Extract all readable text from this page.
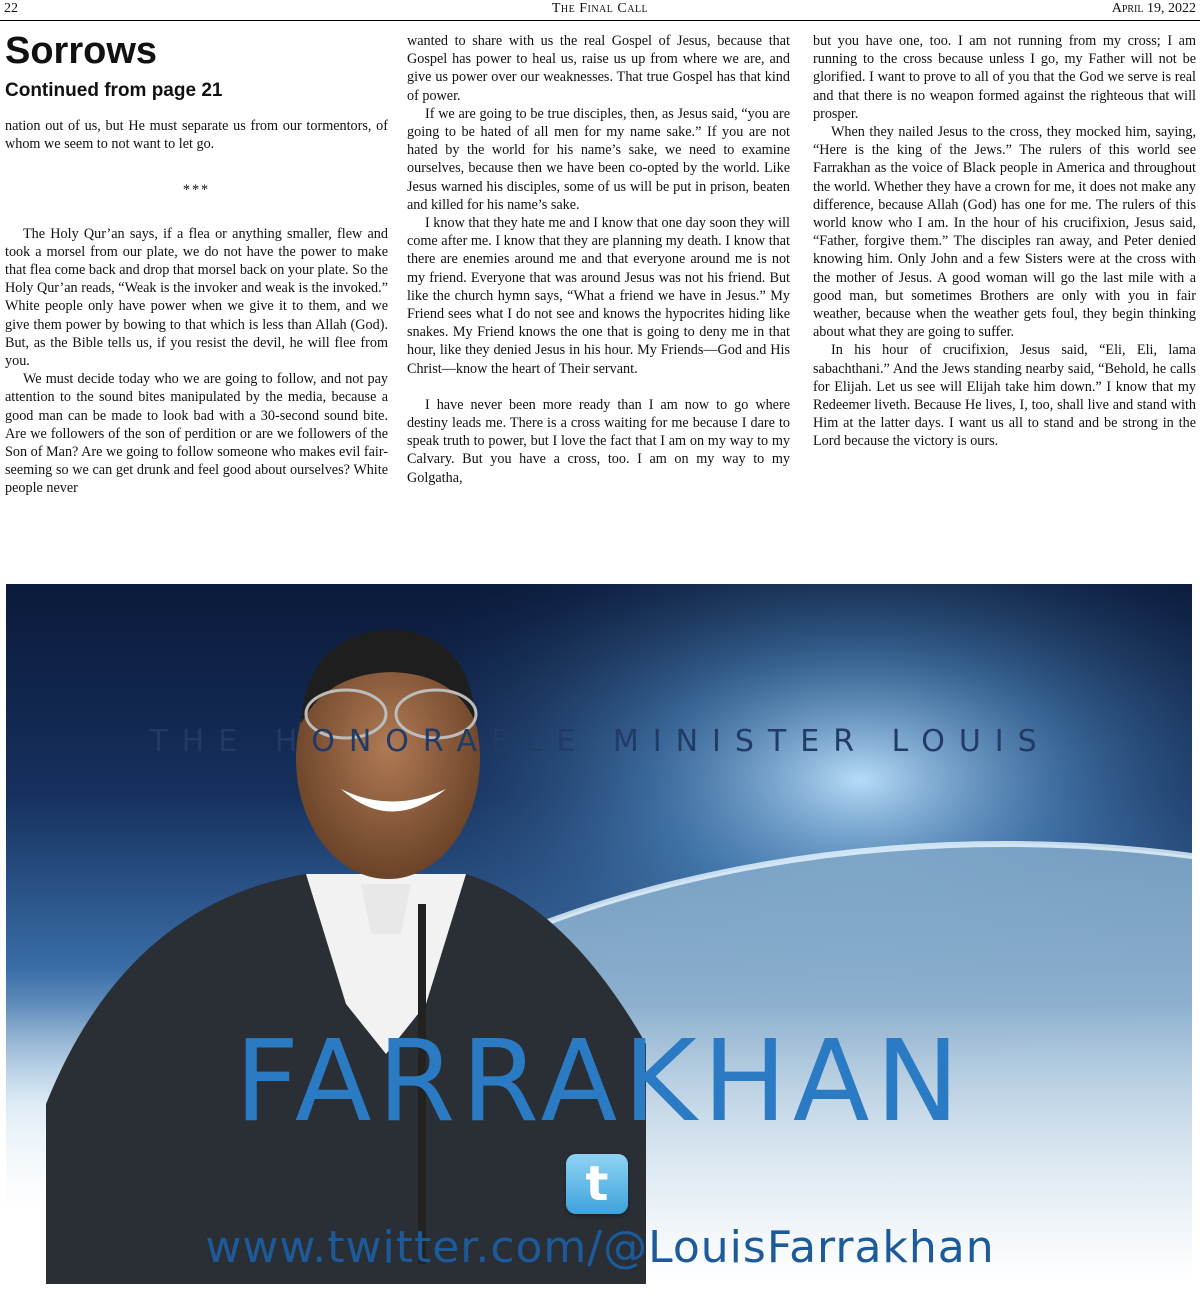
22	The Final Call	April 19, 2022
Sorrows
Continued from page 21

nation out of us, but He must separate us from our tormentors, of whom we seem to not want to let go.

***

The Holy Qur’an says, if a flea or anything smaller, flew and took a morsel from our plate, we do not have the power to make that flea come back and drop that morsel back on your plate. So the Holy Qur’an reads, “Weak is the invoker and weak is the invoked.” White people only have power when we give it to them, and we give them power by bowing to that which is less than Allah (God). But, as the Bible tells us, if you resist the devil, he will flee from you.

We must decide today who we are going to follow, and not pay attention to the sound bites manipulated by the media, because a good man can be made to look bad with a 30-second sound bite. Are we followers of the son of perdition or are we followers of the Son of Man? Are we going to follow someone who makes evil fair-seeming so we can get drunk and feel good about ourselves? White people never

wanted to share with us the real Gospel of Jesus, because that Gospel has power to heal us, raise us up from where we are, and give us power over our weaknesses. That true Gospel has that kind of power.

If we are going to be true disciples, then, as Jesus said, “you are going to be hated of all men for my name sake.” If you are not hated by the world for his name’s sake, we need to examine ourselves, because then we have been co-opted by the world. Like Jesus warned his disciples, some of us will be put in prison, beaten and killed for his name’s sake.

I know that they hate me and I know that one day soon they will come after me. I know that they are planning my death. I know that there are enemies around me and that everyone around me is not my friend. Everyone that was around Jesus was not his friend. But like the church hymn says, “What a friend we have in Jesus.” My Friend sees what I do not see and knows the hypocrites hiding like snakes. My Friend knows the one that is going to deny me in that hour, like they denied Jesus in his hour. My Friends—God and His Christ—know the heart of Their servant.

I have never been more ready than I am now to go where destiny leads me. There is a cross waiting for me because I dare to speak truth to power, but I love the fact that I am on my way to my Calvary. But you have a cross, too. I am on my way to my Golgatha,

but you have one, too. I am not running from my cross; I am running to the cross because unless I go, my Father will not be glorified. I want to prove to all of you that the God we serve is real and that there is no weapon formed against the righteous that will prosper.

When they nailed Jesus to the cross, they mocked him, saying, “Here is the king of the Jews.” The rulers of this world see Farrakhan as the voice of Black people in America and throughout the world. Whether they have a crown for me, it does not make any difference, because Allah (God) has one for me. The rulers of this world know who I am. In the hour of his crucifixion, Jesus said, “Father, forgive them.” The disciples ran away, and Peter denied knowing him. Only John and a few Sisters were at the cross with the mother of Jesus. A good woman will go the last mile with a good man, but sometimes Brothers are only with you in fair weather, because when the weather gets foul, they begin thinking about what they are going to suffer.

In his hour of crucifixion, Jesus said, “Eli, Eli, lama sabachthani.” And the Jews standing nearby said, “Behold, he calls for Elijah. Let us see will Elijah take him down.” I know that my Redeemer liveth. Because He lives, I, too, shall live and stand with Him at the latter days. I want us all to stand and be strong in the Lord because the victory is ours.

THE HONORABLE MINISTER LOUIS
FARRAKHAN
t
www.twitter.com/@LouisFarrakhan
